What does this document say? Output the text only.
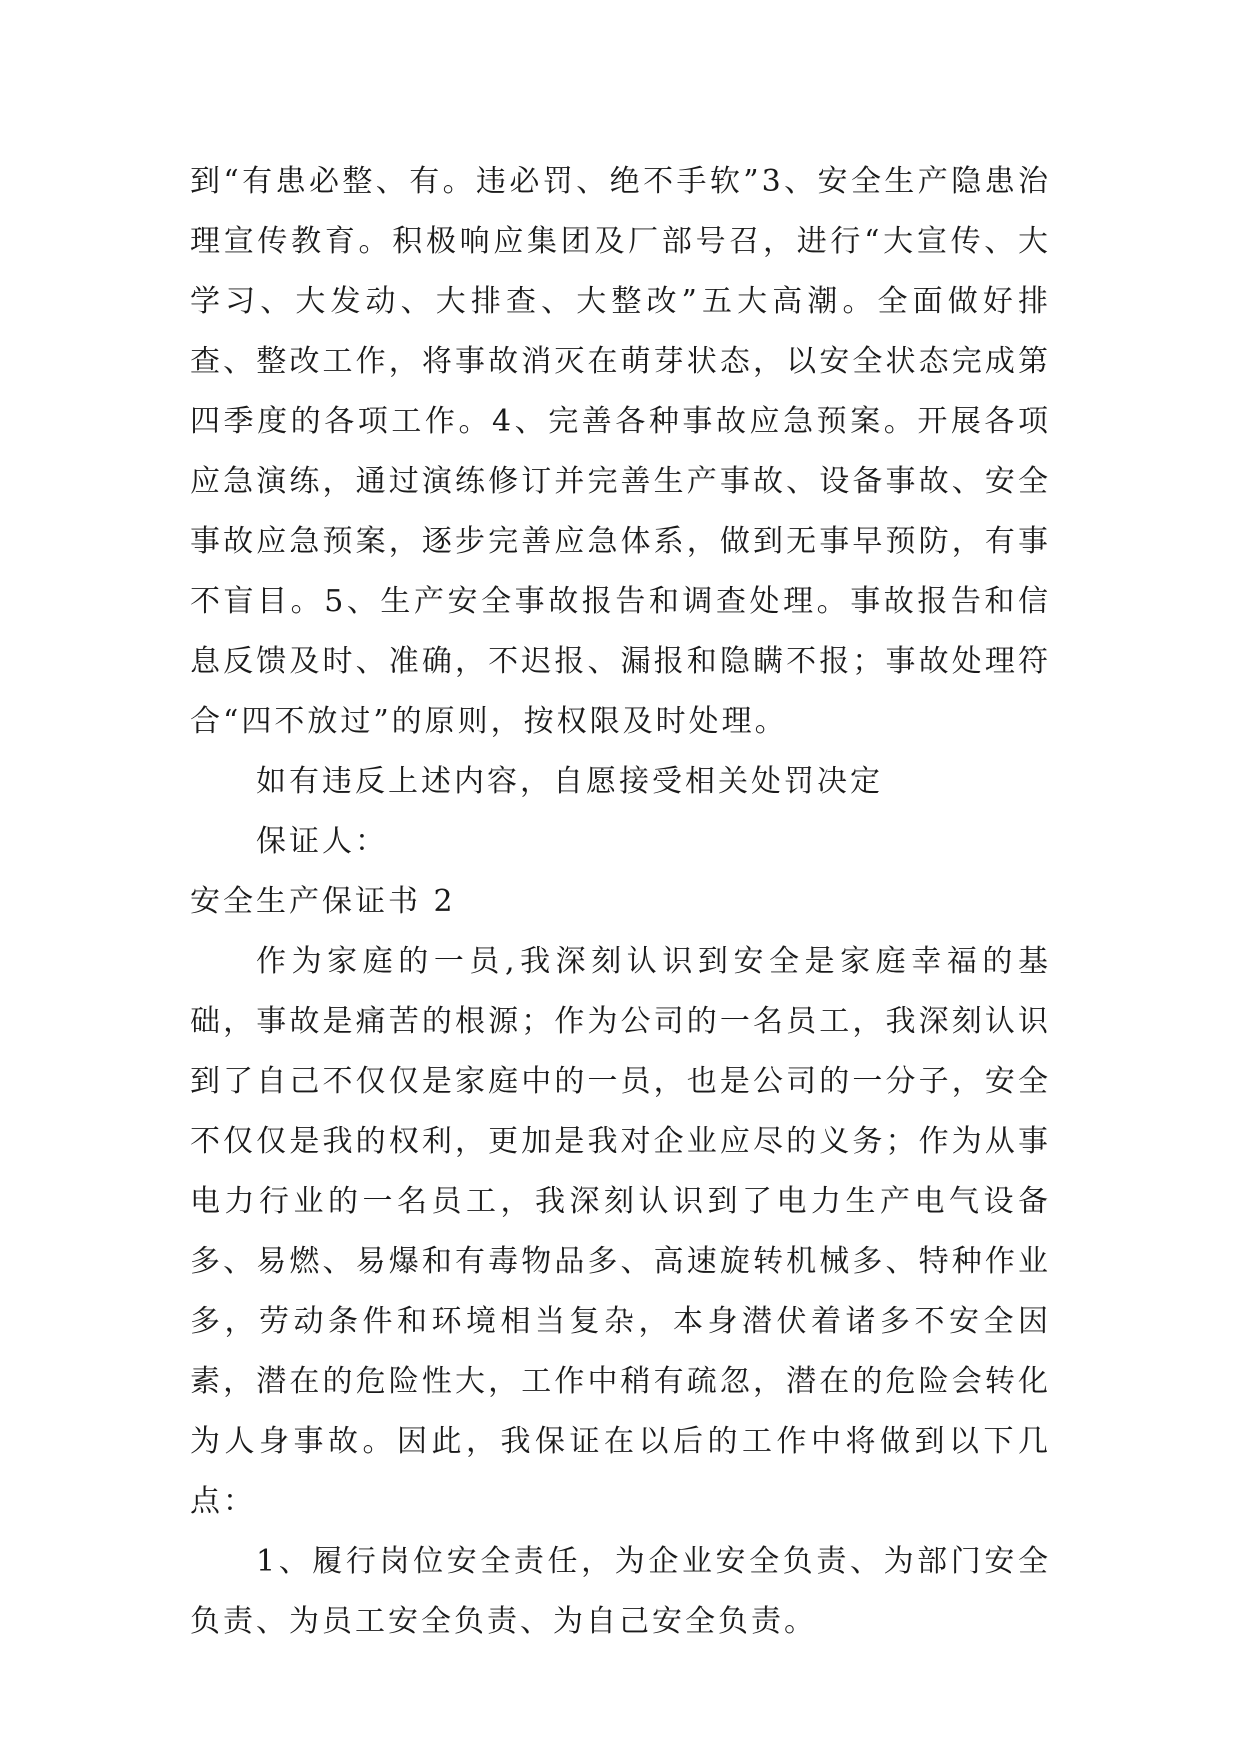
到“有患必整、有。违必罚、绝不手软”3、安全生产隐患治理宣传教育。积极响应集团及厂部号召，进行“大宣传、大学习、大发动、大排查、大整改”五大高潮。全面做好排查、整改工作，将事故消灭在萌芽状态，以安全状态完成第四季度的各项工作。4、完善各种事故应急预案。开展各项应急演练，通过演练修订并完善生产事故、设备事故、安全事故应急预案，逐步完善应急体系，做到无事早预防，有事不盲目。5、生产安全事故报告和调查处理。事故报告和信息反馈及时、准确，不迟报、漏报和隐瞒不报；事故处理符合“四不放过”的原则，按权限及时处理。

如有违反上述内容，自愿接受相关处罚决定

保证人：

安全生产保证书 2

作为家庭的一员,我深刻认识到安全是家庭幸福的基础，事故是痛苦的根源；作为公司的一名员工，我深刻认识到了自己不仅仅是家庭中的一员，也是公司的一分子，安全不仅仅是我的权利，更加是我对企业应尽的义务；作为从事电力行业的一名员工，我深刻认识到了电力生产电气设备多、易燃、易爆和有毒物品多、高速旋转机械多、特种作业多，劳动条件和环境相当复杂，本身潜伏着诸多不安全因素，潜在的危险性大，工作中稍有疏忽，潜在的危险会转化为人身事故。因此，我保证在以后的工作中将做到以下几点：

1、履行岗位安全责任，为企业安全负责、为部门安全负责、为员工安全负责、为自己安全负责。
